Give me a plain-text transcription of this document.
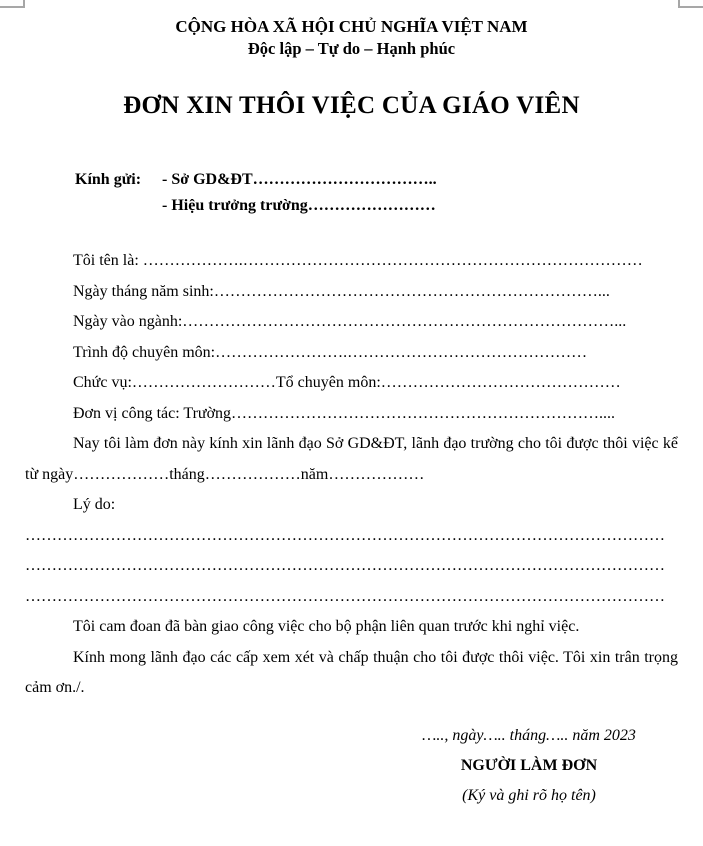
CỘNG HÒA XÃ HỘI CHỦ NGHĨA VIỆT NAM
Độc lập – Tự do – Hạnh phúc
ĐƠN XIN THÔI VIỆC CỦA GIÁO VIÊN
Kính gửi:	- Sở GD&ĐT……………………………..
- Hiệu trưởng trường……………………

Tôi tên là: ……………….…………………………………………………………………

Ngày tháng năm sinh:………………………………………………………………...

Ngày vào ngành:………………………………………………………………………...

Trình độ chuyên môn:…………………….………………………………………

Chức vụ:………………………Tổ chuyên môn:………………………………………

Đơn vị công tác: Trường……………………………………………………………....

Nay tôi làm đơn này kính xin lãnh đạo Sở GD&ĐT, lãnh đạo trường cho tôi được thôi việc kể từ ngày………………tháng………………năm………………

Lý do:

…………………………………………………………………………………………………………

…………………………………………………………………………………………………………

…………………………………………………………………………………………………………

Tôi cam đoan đã bàn giao công việc cho bộ phận liên quan trước khi nghỉ việc.

Kính mong lãnh đạo các cấp xem xét và chấp thuận cho tôi được thôi việc. Tôi xin trân trọng cảm ơn./.

….., ngày….. tháng….. năm 2023
NGƯỜI LÀM ĐƠN
(Ký và ghi rõ họ tên)
